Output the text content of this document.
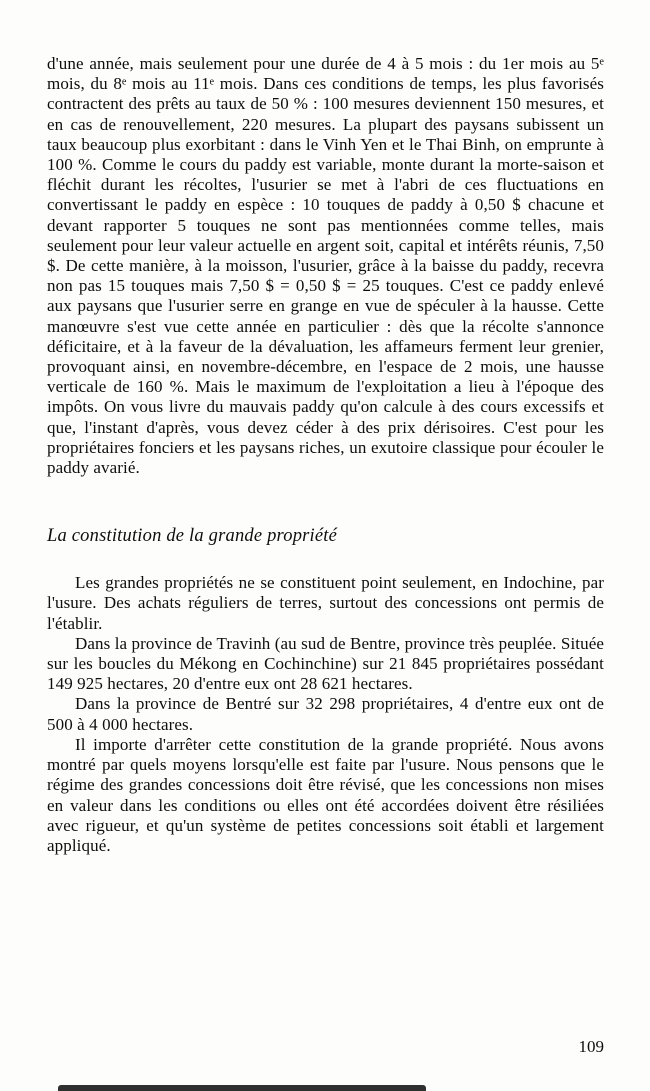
d'une année, mais seulement pour une durée de 4 à 5 mois : du 1er mois au 5ᵉ mois, du 8ᵉ mois au 11ᵉ mois. Dans ces conditions de temps, les plus favorisés contractent des prêts au taux de 50 % : 100 mesures deviennent 150 mesures, et en cas de renouvellement, 220 mesures. La plupart des paysans subissent un taux beaucoup plus exorbitant : dans le Vinh Yen et le Thai Binh, on emprunte à 100 %. Comme le cours du paddy est variable, monte durant la morte-saison et fléchit durant les récoltes, l'usurier se met à l'abri de ces fluctuations en convertissant le paddy en espèce : 10 touques de paddy à 0,50 $ chacune et devant rapporter 5 touques ne sont pas mentionnées comme telles, mais seulement pour leur valeur actuelle en argent soit, capital et intérêts réunis, 7,50 $. De cette manière, à la moisson, l'usurier, grâce à la baisse du paddy, recevra non pas 15 touques mais 7,50 $ = 0,50 $ = 25 touques. C'est ce paddy enlevé aux paysans que l'usurier serre en grange en vue de spéculer à la hausse. Cette manœuvre s'est vue cette année en particulier : dès que la récolte s'annonce déficitaire, et à la faveur de la dévaluation, les affameurs ferment leur grenier, provoquant ainsi, en novembre-décembre, en l'espace de 2 mois, une hausse verticale de 160 %. Mais le maximum de l'exploitation a lieu à l'époque des impôts. On vous livre du mauvais paddy qu'on calcule à des cours excessifs et que, l'instant d'après, vous devez céder à des prix dérisoires. C'est pour les propriétaires fonciers et les paysans riches, un exutoire classique pour écouler le paddy avarié.

La constitution de la grande propriété

Les grandes propriétés ne se constituent point seulement, en Indochine, par l'usure. Des achats réguliers de terres, surtout des concessions ont permis de l'établir.

Dans la province de Travinh (au sud de Bentre, province très peuplée. Située sur les boucles du Mékong en Cochinchine) sur 21 845 propriétaires possédant 149 925 hectares, 20 d'entre eux ont 28 621 hectares.

Dans la province de Bentré sur 32 298 propriétaires, 4 d'entre eux ont de 500 à 4 000 hectares.

Il importe d'arrêter cette constitution de la grande propriété. Nous avons montré par quels moyens lorsqu'elle est faite par l'usure. Nous pensons que le régime des grandes concessions doit être révisé, que les concessions non mises en valeur dans les conditions ou elles ont été accordées doivent être résiliées avec rigueur, et qu'un système de petites concessions soit établi et largement appliqué.

109
